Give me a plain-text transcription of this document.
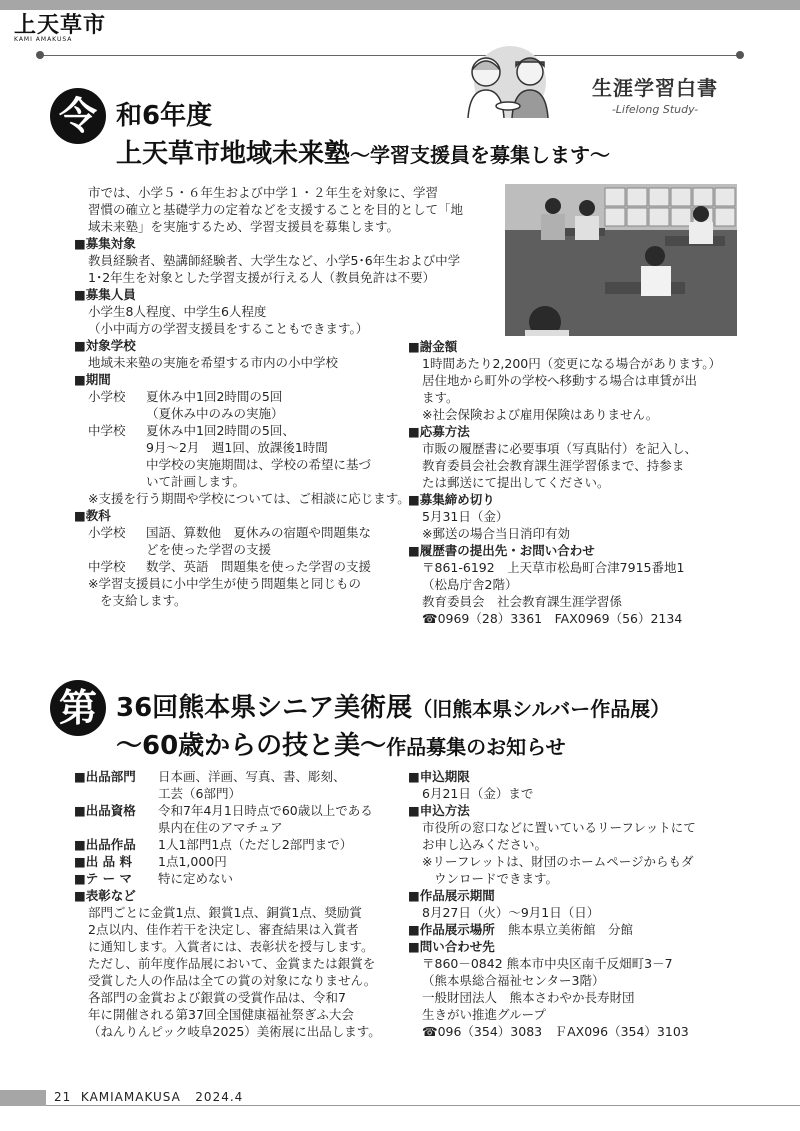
上天草市
KAMI AMAKUSA
生涯学習白書
-Lifelong Study-
令 和6年度
上天草市地域未来塾～学習支援員を募集します～
市では、小学５・６年生および中学１・２年生を対象に、学習
習慣の確立と基礎学力の定着などを支援することを目的として「地
域未来塾」を実施するため、学習支援員を募集します。
■募集対象
教員経験者、塾講師経験者、大学生など、小学5･6年生および中学
1･2年生を対象とした学習支援が行える人（教員免許は不要）
■募集人員
小学生8人程度、中学生6人程度
（小中両方の学習支援員をすることもできます。）
■対象学校
地域未来塾の実施を希望する市内の小中学校
■期間
小学校	夏休み中1回2時間の5回
（夏休み中のみの実施）
中学校	夏休み中1回2時間の5回、
9月～2月　週1回、放課後1時間
中学校の実施期間は、学校の希望に基づ
いて計画します。
※支援を行う期間や学校については、ご相談に応じます。
■教科
小学校	国語、算数他　夏休みの宿題や問題集な
どを使った学習の支援
中学校	数学、英語　問題集を使った学習の支援
※学習支援員に小中学生が使う問題集と同じもの
を支給します。
■謝金額
1時間あたり2,200円（変更になる場合があります。）
居住地から町外の学校へ移動する場合は車賃が出
ます。
※社会保険および雇用保険はありません。
■応募方法
市販の履歴書に必要事項（写真貼付）を記入し、
教育委員会社会教育課生涯学習係まで、持参ま
たは郵送にて提出してください。
■募集締め切り
5月31日（金）
※郵送の場合当日消印有効
■履歴書の提出先・お問い合わせ
〒861-6192　上天草市松島町合津7915番地1
（松島庁舎2階）
教育委員会　社会教育課生涯学習係
☎0969（28）3361　FAX0969（56）2134
第 36回熊本県シニア美術展（旧熊本県シルバー作品展）
～60歳からの技と美～作品募集のお知らせ
■出品部門	日本画、洋画、写真、書、彫刻、
工芸（6部門）
■出品資格	令和7年4月1日時点で60歳以上である
県内在住のアマチュア
■出品作品	1人1部門1点（ただし2部門まで）
■出 品 料	1点1,000円
■テ ー マ	特に定めない
■表彰など
部門ごとに金賞1点、銀賞1点、銅賞1点、奨励賞
2点以内、佳作若干を決定し、審査結果は入賞者
に通知します。入賞者には、表彰状を授与します。
ただし、前年度作品展において、金賞または銀賞を
受賞した人の作品は全ての賞の対象になりません。
各部門の金賞および銀賞の受賞作品は、令和7
年に開催される第37回全国健康福祉祭ぎふ大会
（ねんりんピック岐阜2025）美術展に出品します。
■申込期限
6月21日（金）まで
■申込方法
市役所の窓口などに置いているリーフレットにて
お申し込みください。
※リーフレットは、財団のホームページからもダ
ウンロードできます。
■作品展示期間
8月27日（火）～9月1日（日）
■作品展示場所	熊本県立美術館　分館
■問い合わせ先
〒860－0842 熊本市中央区南千反畑町3－7
（熊本県総合福祉センター3階）
一般財団法人　熊本さわやか長寿財団
生きがい推進グループ
☎096（354）3083　ＦAX096（354）3103
21 KAMIAMAKUSA 2024.4
